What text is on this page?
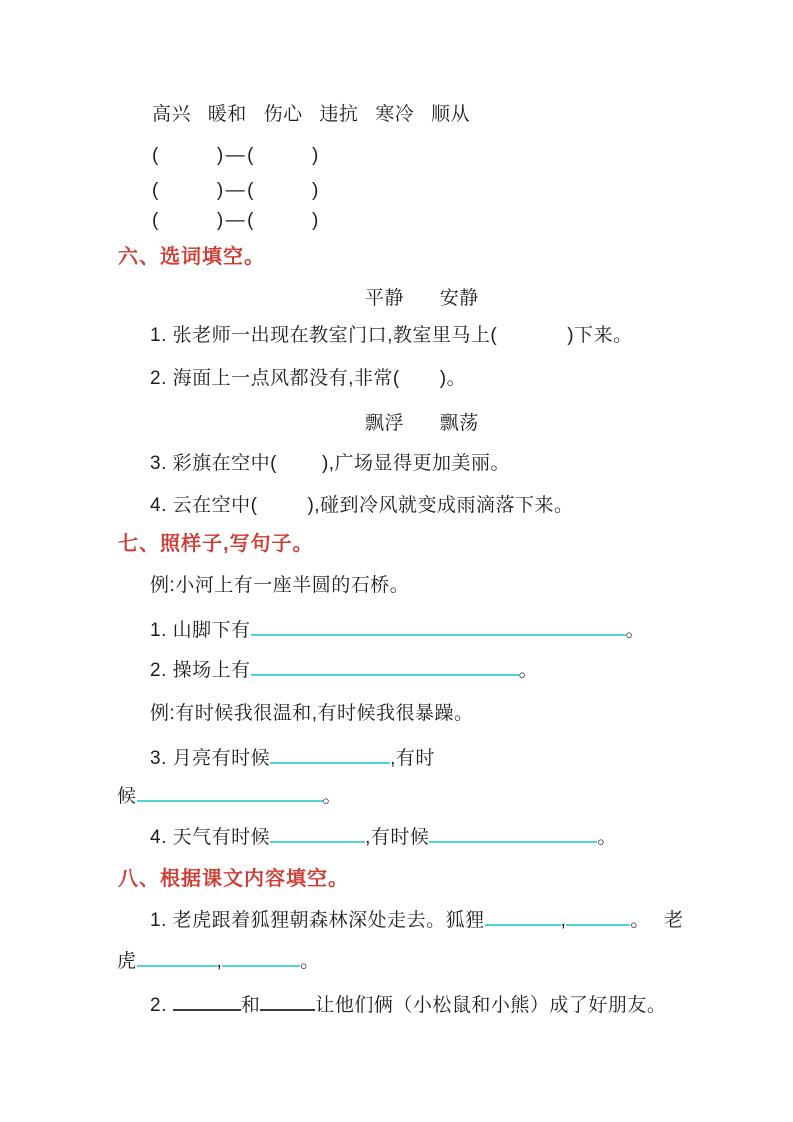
高兴 暖和 伤心 违抗 寒冷 顺从
(	) — (	)
(	) — (	)
(	) — (	)
六、选词填空。
平静 安静
1. 张老师一出现在教室门口,教室里马上(	)下来。
2. 海面上一点风都没有,非常( )。
飘浮 飘荡
3. 彩旗在空中( ),广场显得更加美丽。
4. 云在空中(	),碰到冷风就变成雨滴落下来。
七、照样子,写句子。
例:小河上有一座半圆的石桥。
1. 山脚下有	。
2. 操场上有	。
例:有时候我很温和,有时候我很暴躁。
3. 月亮有时候	,有时
候	。
4. 天气有时候	,有时候	。
八、根据课文内容填空。
1. 老虎跟着狐狸朝森林深处走去。狐狸	,	。 老
虎	,	。
2.	和	让他们俩（小松鼠和小熊）成了好朋友。
